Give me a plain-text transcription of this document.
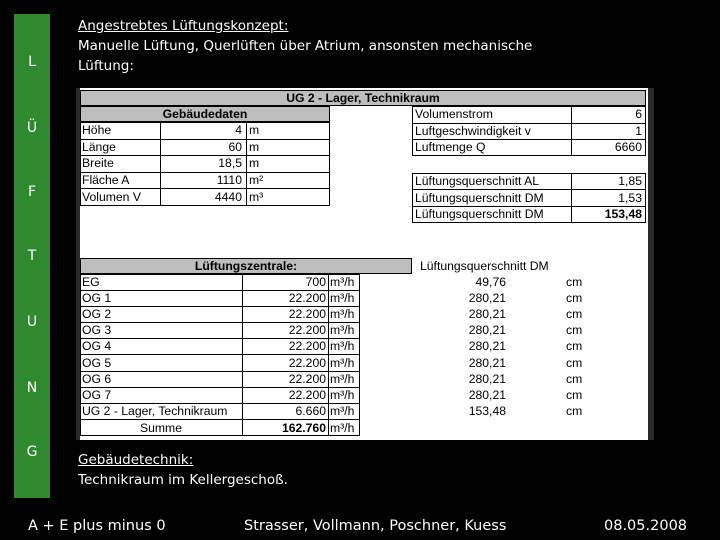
L
Ü
F
T
U
N
G
Angestrebtes Lüftungskonzept:
Manuelle Lüftung, Querlüften über Atrium, ansonsten mechanische
Lüftung:
UG 2 - Lager, Technikraum
Gebäudedaten
Höhe	4 m
Länge	60 m
Breite	18,5 m
Fläche A	1110 m²
Volumen V	4440 m³
Volumenstrom	6
Luftgeschwindigkeit v	1
Luftmenge Q	6660
Lüftungsquerschnitt AL	1,85
Lüftungsquerschnitt DM	1,53
Lüftungsquerschnitt DM	153,48
Lüftungszentrale:	Lüftungsquerschnitt DM
EG	700 m³/h	49,76	cm
OG 1	22.200 m³/h	280,21	cm
OG 2	22.200 m³/h	280,21	cm
OG 3	22.200 m³/h	280,21	cm
OG 4	22.200 m³/h	280,21	cm
OG 5	22.200 m³/h	280,21	cm
OG 6	22.200 m³/h	280,21	cm
OG 7	22.200 m³/h	280,21	cm
UG 2 - Lager, Technikraum	6.660 m³/h	153,48	cm
Summe	162.760 m³/h
Gebäudetechnik:
Technikraum im Kellergeschoß.
A + E plus minus 0	Strasser, Vollmann, Poschner, Kuess	08.05.2008
